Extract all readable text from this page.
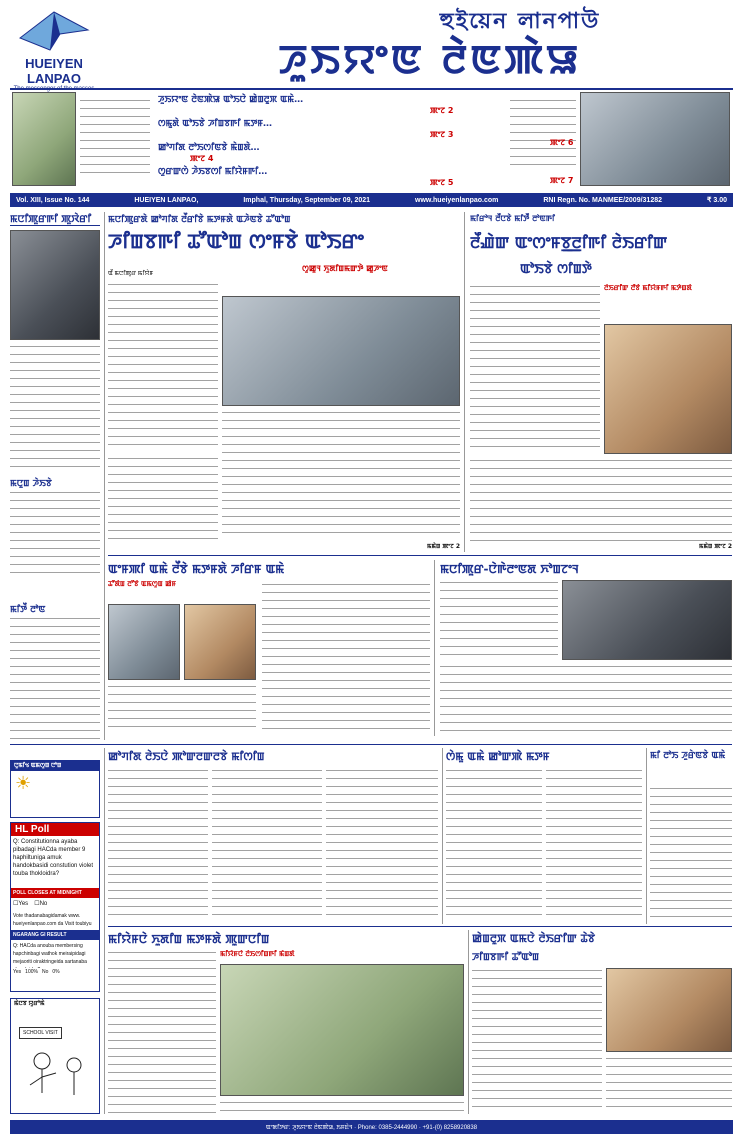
HUEIYEN LANPAO
The messenger of the masses
হুইয়েন লানপাউ
ꯍꯨꯏꯌꯦꯟ ꯂꯥꯟꯄꯥꯎ
ꯍꯨꯏꯌꯦꯟ ꯂꯥꯟꯄꯥꯎ ꯑꯣꯏꯅꯥ ꯀꯥꯡꯂꯨꯞ ꯑꯃꯥ…
ꯄꯦꯖ 2
ꯁꯃꯨꯗꯥ ꯑꯣꯏꯕꯥ ꯍꯤꯡꯕꯒꯤ ꯃꯇꯝ…
ꯄꯦꯖ 3
ꯀꯣꯚꯤꯗ ꯂꯣꯏꯁꯤꯟꯕꯥ ꯃꯥꯡꯗꯥ…
ꯄꯦꯖ 4
ꯁꯨꯔꯛꯁꯥ ꯍꯥꯏꯕꯁꯤ ꯃꯤꯌꯥꯝꯒꯤ…
ꯄꯦꯖ 5
ꯄꯦꯖ 6
ꯄꯦꯖ 7
Vol. XIII, Issue No. 144	HUEIYEN LANPAO,	Imphal, Thursday, September 09, 2021	www.hueiyenlanpao.com	RNI Regn. No. MANMEE/2009/31282	₹ 3.00
ꯃꯅꯤꯄꯨꯔꯒꯤ ꯄꯨꯋꯥꯔꯤ
ꯃꯅꯨꯡ ꯍꯥꯏꯕꯥ
ꯃꯤꯇꯩ ꯂꯣꯟ
ꯃꯅꯤꯄꯨꯔꯗꯥ ꯀꯣꯚꯤꯗ ꯂꯩꯔꯤꯕꯥ ꯃꯇꯝꯗꯥ ꯑꯍꯥꯟꯕꯥ ꯊꯧꯑꯣꯡ
ꯍꯤꯡꯕꯒꯤ ꯊꯧꯑꯣꯡ ꯁꯦꯝꯕꯥ ꯑꯣꯏꯔꯦ
ꯁꯨꯀꯨꯜ ꯈꯨꯗꯤꯡꯃꯛꯇꯥ ꯀꯨꯍꯦꯟ
ꯑꯩ ꯃꯅꯤꯄꯨꯔ ꯃꯤꯌꯥꯝ
ꯃꯃꯥꯡ ꯄꯦꯖ 2
ꯃꯤꯔꯣꯜ ꯂꯩꯅꯕꯥ ꯃꯤꯇꯩ ꯂꯣꯟꯒꯤ
ꯂꯩꯉꯥꯛ ꯑꯦꯁꯦꯝꯕ꯭ꯂꯤꯒꯤ ꯂꯥꯏꯔꯤꯛ
ꯑꯣꯏꯕꯥ ꯁꯤꯡꯇꯥ
ꯂꯥꯏꯔꯤꯛ ꯂꯩꯕꯥ ꯃꯤꯌꯥꯝꯒꯤ ꯃꯇꯥꯡꯗꯥ
ꯃꯃꯥꯡ ꯄꯦꯖ 2
ꯑꯦꯝꯄꯤ ꯑꯃꯥ ꯂꯩꯕꯥ ꯃꯇꯝꯗꯥ ꯍꯤꯔꯝ ꯑꯃꯥ
ꯊꯧꯗꯥꯡ ꯂꯧꯕꯥ ꯑꯃꯁꯨꯡ ꯀꯥꯝ
ꯃꯅꯤꯄꯨꯔ-ꯅꯥꯒꯥꯂꯦꯟꯗ ꯈꯣꯡꯖꯦꯜ
ꯅꯨꯃꯤꯠ ꯑꯃꯁꯨꯡ ꯅꯣꯡ
☀
HL Poll
Q: Constitutionna ayaba pibadagi HACda member 9 haphiltuniga amuk handokbasidi constution violet touba thokloidra?
POLL CLOSES AT MIDNIGHT
☐Yes ☐No
Vote thadanabagidamak www. hueiyenlanpao.com da Visit toubiyu
NGARANG GI RESULT
Q: HACda anouba membersing hapchinbagi wathok meiraipidagi mejaoriti oiraktringeida sartanaba
Yes 100% No 0%
ꯃꯥꯅꯕ ꯌꯨꯔꯣꯃꯥ
SCHOOL VISIT
ꯀꯣꯚꯤꯗ ꯂꯥꯏꯅꯥ ꯄꯣꯛꯂꯛꯂꯕꯥ ꯃꯤꯁꯤꯡ	ꯁꯥꯃꯨ ꯑꯃꯥ ꯀꯣꯛꯄꯥ ꯃꯇꯝ	ꯃꯤ ꯂꯣꯏ ꯍꯨꯔꯥꯟꯕꯥ ꯑꯃꯥ
ꯃꯤꯌꯥꯝꯅꯥ ꯈꯨꯗꯤꯡ ꯃꯇꯝꯗꯥ ꯄꯨꯛꯅꯤꯡ
ꯃꯤꯌꯥꯝꯅꯥ ꯂꯥꯏꯁꯤꯡꯒꯤ ꯃꯥꯡꯗꯥ
ꯀꯥꯡꯂꯨꯞ ꯑꯃꯅꯥ ꯂꯥꯏꯔꯤꯛ ꯊꯥꯕꯥ
ꯍꯤꯡꯕꯒꯤ ꯊꯧꯑꯣꯡ
ꯑꯦꯗꯤꯇꯔ: ꯍꯨꯏꯌꯦꯟ ꯂꯥꯟꯄꯥꯎ, ꯏꯝꯐꯥꯜ · Phone: 0385-2444990 · +91-(0) 8258920838
